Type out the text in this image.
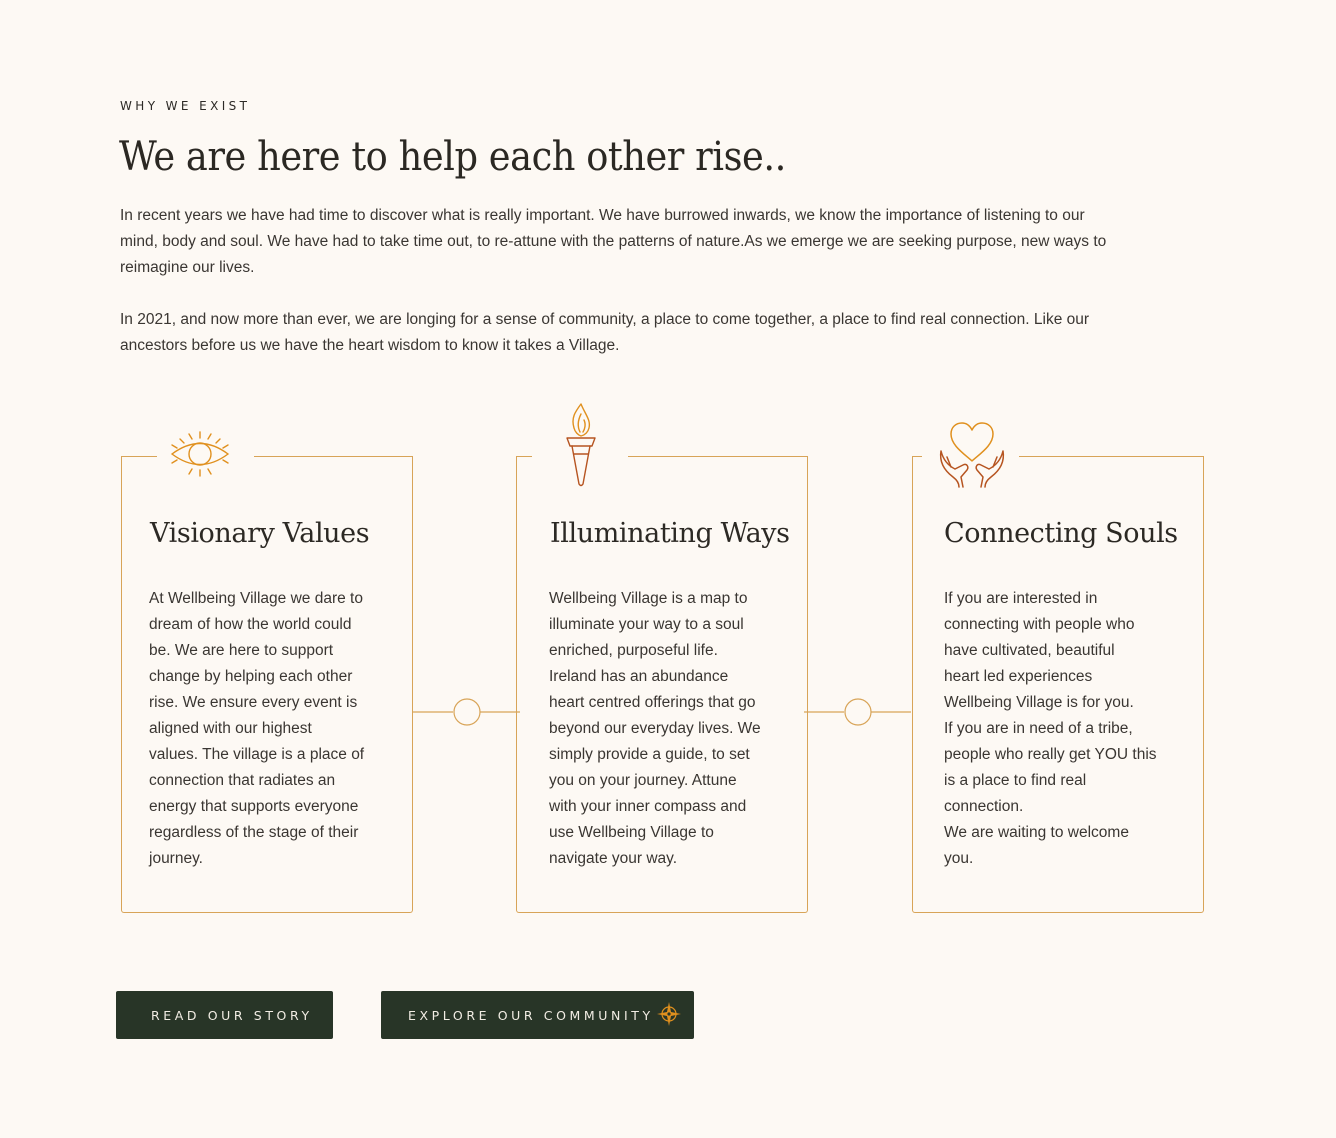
WHY WE EXIST
We are here to help each other rise..

In recent years we have had time to discover what is really important. We have burrowed inwards, we know the importance of listening to our mind, body and soul. We have had to take time out, to re-attune with the patterns of nature.As we emerge we are seeking purpose, new ways to reimagine our lives.

In 2021, and now more than ever, we are longing for a sense of community, a place to come together, a place to find real connection. Like our ancestors before us we have the heart wisdom to know it takes a Village.

Visionary Values

At Wellbeing Village we dare to
dream of how the world could
be. We are here to support
change by helping each other
rise. We ensure every event is
aligned with our highest
values. The village is a place of
connection that radiates an
energy that supports everyone
regardless of the stage of their
journey.

Illuminating Ways

Wellbeing Village is a map to
illuminate your way to a soul
enriched, purposeful life.
Ireland has an abundance
heart centred offerings that go
beyond our everyday lives. We
simply provide a guide, to set
you on your journey. Attune
with your inner compass and
use Wellbeing Village to
navigate your way.

Connecting Souls

If you are interested in
connecting with people who
have cultivated, beautiful
heart led experiences
Wellbeing Village is for you.
If you are in need of a tribe,
people who really get YOU this
is a place to find real
connection.
We are waiting to welcome
you.

READ OUR STORY	EXPLORE OUR COMMUNITY
